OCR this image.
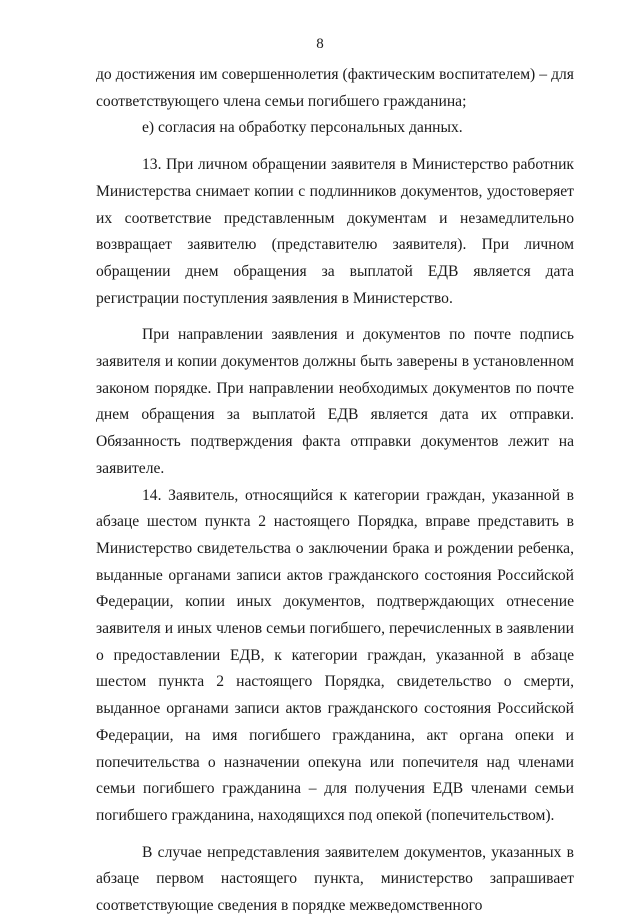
8

до достижения им совершеннолетия (фактическим воспитателем) – для соответствующего члена семьи погибшего гражданина;

е) согласия на обработку персональных данных.

13. При личном обращении заявителя в Министерство работник Министерства снимает копии с подлинников документов, удостоверяет их соответствие представленным документам и незамедлительно возвращает заявителю (представителю заявителя). При личном обращении днем обращения за выплатой ЕДВ является дата регистрации поступления заявления в Министерство.

При направлении заявления и документов по почте подпись заявителя и копии документов должны быть заверены в установленном законом порядке. При направлении необходимых документов по почте днем обращения за выплатой ЕДВ является дата их отправки. Обязанность подтверждения факта отправки документов лежит на заявителе.

14. Заявитель, относящийся к категории граждан, указанной в абзаце шестом пункта 2 настоящего Порядка, вправе представить в Министерство свидетельства о заключении брака и рождении ребенка, выданные органами записи актов гражданского состояния Российской Федерации, копии иных документов, подтверждающих отнесение заявителя и иных членов семьи погибшего, перечисленных в заявлении о предоставлении ЕДВ, к категории граждан, указанной в абзаце шестом пункта 2 настоящего Порядка, свидетельство о смерти, выданное органами записи актов гражданского состояния Российской Федерации, на имя погибшего гражданина, акт органа опеки и попечительства о назначении опекуна или попечителя над членами семьи погибшего гражданина – для получения ЕДВ членами семьи погибшего гражданина, находящихся под опекой (попечительством).

В случае непредставления заявителем документов, указанных в абзаце первом настоящего пункта, министерство запрашивает соответствующие сведения в порядке межведомственного
